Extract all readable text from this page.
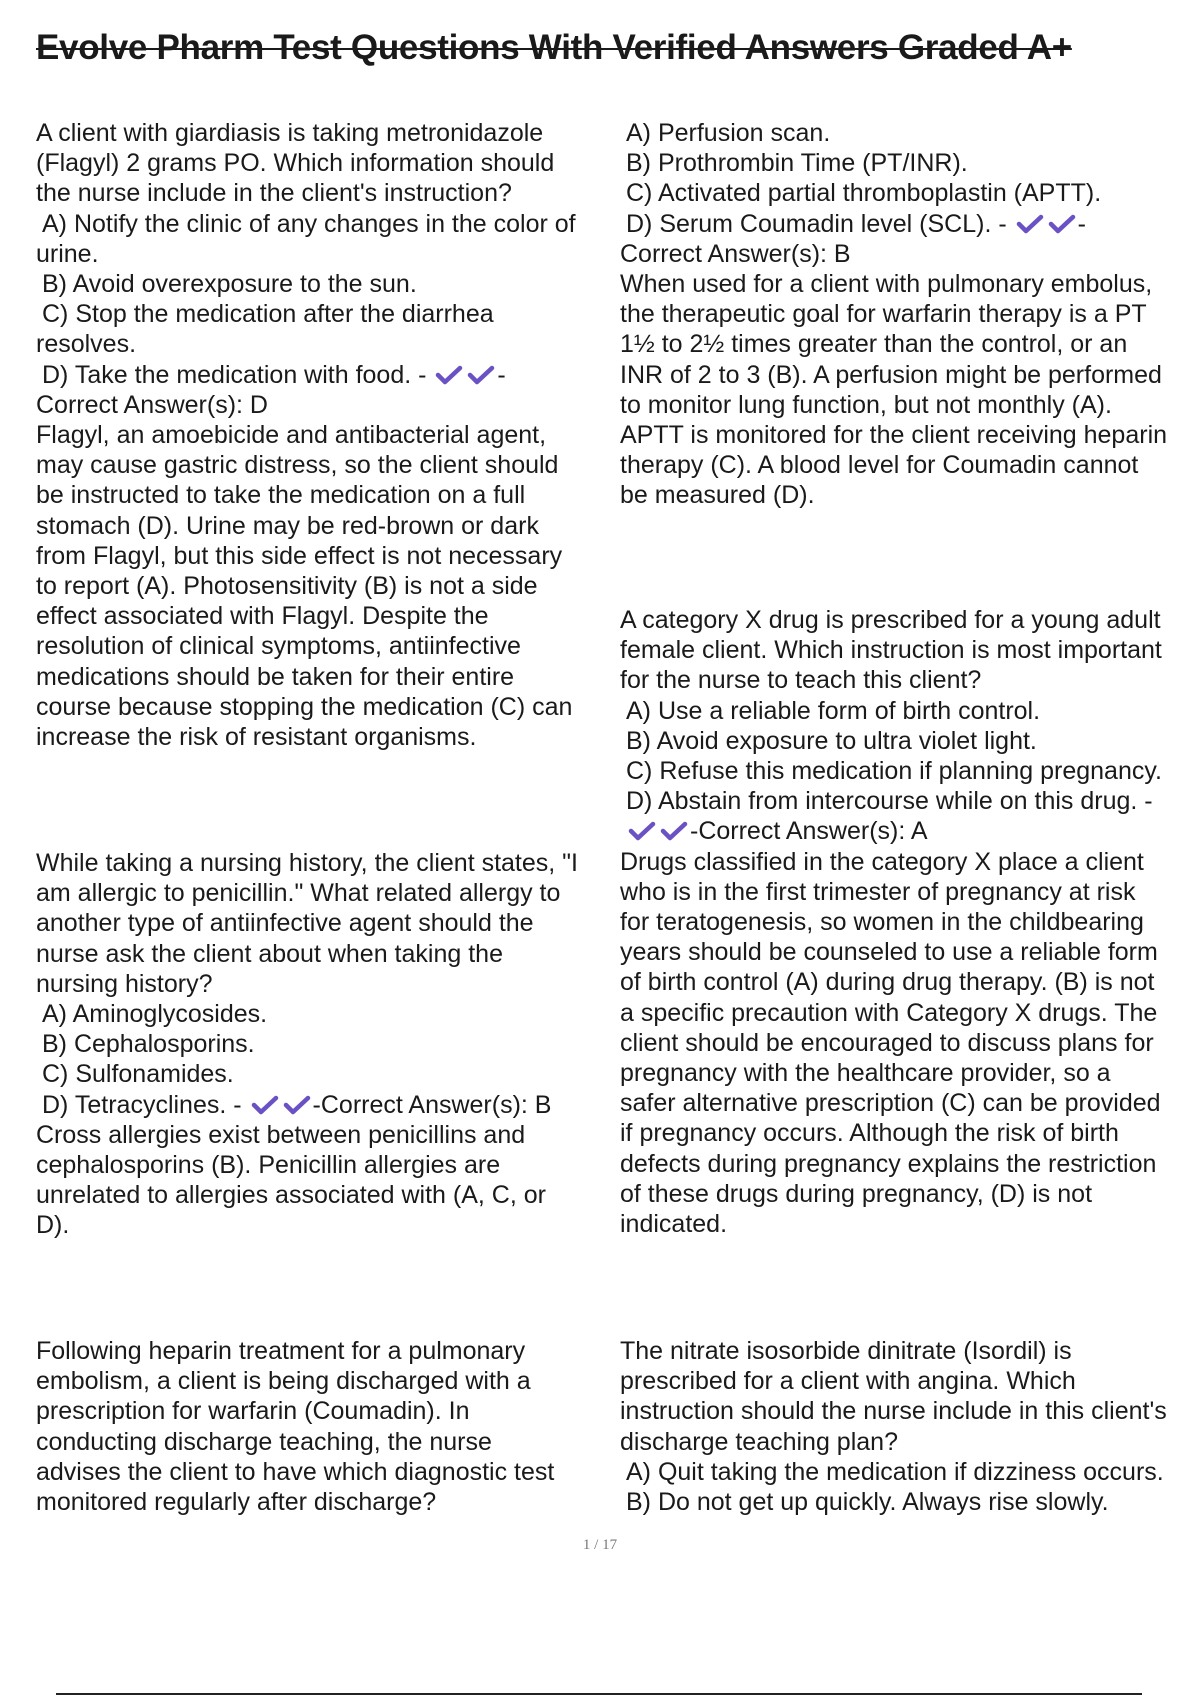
Evolve Pharm Test Questions With Verified Answers Graded A+
A client with giardiasis is taking metronidazole
(Flagyl) 2 grams PO. Which information should
the nurse include in the client's instruction?
A) Notify the clinic of any changes in the color of
urine.
B) Avoid overexposure to the sun.
C) Stop the medication after the diarrhea
resolves.
D) Take the medication with food. -	-
Correct Answer(s): D
Flagyl, an amoebicide and antibacterial agent,
may cause gastric distress, so the client should
be instructed to take the medication on a full
stomach (D). Urine may be red-brown or dark
from Flagyl, but this side effect is not necessary
to report (A). Photosensitivity (B) is not a side
effect associated with Flagyl. Despite the
resolution of clinical symptoms, antiinfective
medications should be taken for their entire
course because stopping the medication (C) can
increase the risk of resistant organisms.
While taking a nursing history, the client states, "I
am allergic to penicillin." What related allergy to
another type of antiinfective agent should the
nurse ask the client about when taking the
nursing history?
A) Aminoglycosides.
B) Cephalosporins.
C) Sulfonamides.
D) Tetracyclines. -	-Correct Answer(s): B
Cross allergies exist between penicillins and
cephalosporins (B). Penicillin allergies are
unrelated to allergies associated with (A, C, or
D).
Following heparin treatment for a pulmonary
embolism, a client is being discharged with a
prescription for warfarin (Coumadin). In
conducting discharge teaching, the nurse
advises the client to have which diagnostic test
monitored regularly after discharge?
A) Perfusion scan.
B) Prothrombin Time (PT/INR).
C) Activated partial thromboplastin (APTT).
D) Serum Coumadin level (SCL). -	-
Correct Answer(s): B
When used for a client with pulmonary embolus,
the therapeutic goal for warfarin therapy is a PT
1½ to 2½ times greater than the control, or an
INR of 2 to 3 (B). A perfusion might be performed
to monitor lung function, but not monthly (A).
APTT is monitored for the client receiving heparin
therapy (C). A blood level for Coumadin cannot
be measured (D).
A category X drug is prescribed for a young adult
female client. Which instruction is most important
for the nurse to teach this client?
A) Use a reliable form of birth control.
B) Avoid exposure to ultra violet light.
C) Refuse this medication if planning pregnancy.
D) Abstain from intercourse while on this drug. -
-Correct Answer(s): A
Drugs classified in the category X place a client
who is in the first trimester of pregnancy at risk
for teratogenesis, so women in the childbearing
years should be counseled to use a reliable form
of birth control (A) during drug therapy. (B) is not
a specific precaution with Category X drugs. The
client should be encouraged to discuss plans for
pregnancy with the healthcare provider, so a
safer alternative prescription (C) can be provided
if pregnancy occurs. Although the risk of birth
defects during pregnancy explains the restriction
of these drugs during pregnancy, (D) is not
indicated.
The nitrate isosorbide dinitrate (Isordil) is
prescribed for a client with angina. Which
instruction should the nurse include in this client's
discharge teaching plan?
A) Quit taking the medication if dizziness occurs.
B) Do not get up quickly. Always rise slowly.
1 / 17
